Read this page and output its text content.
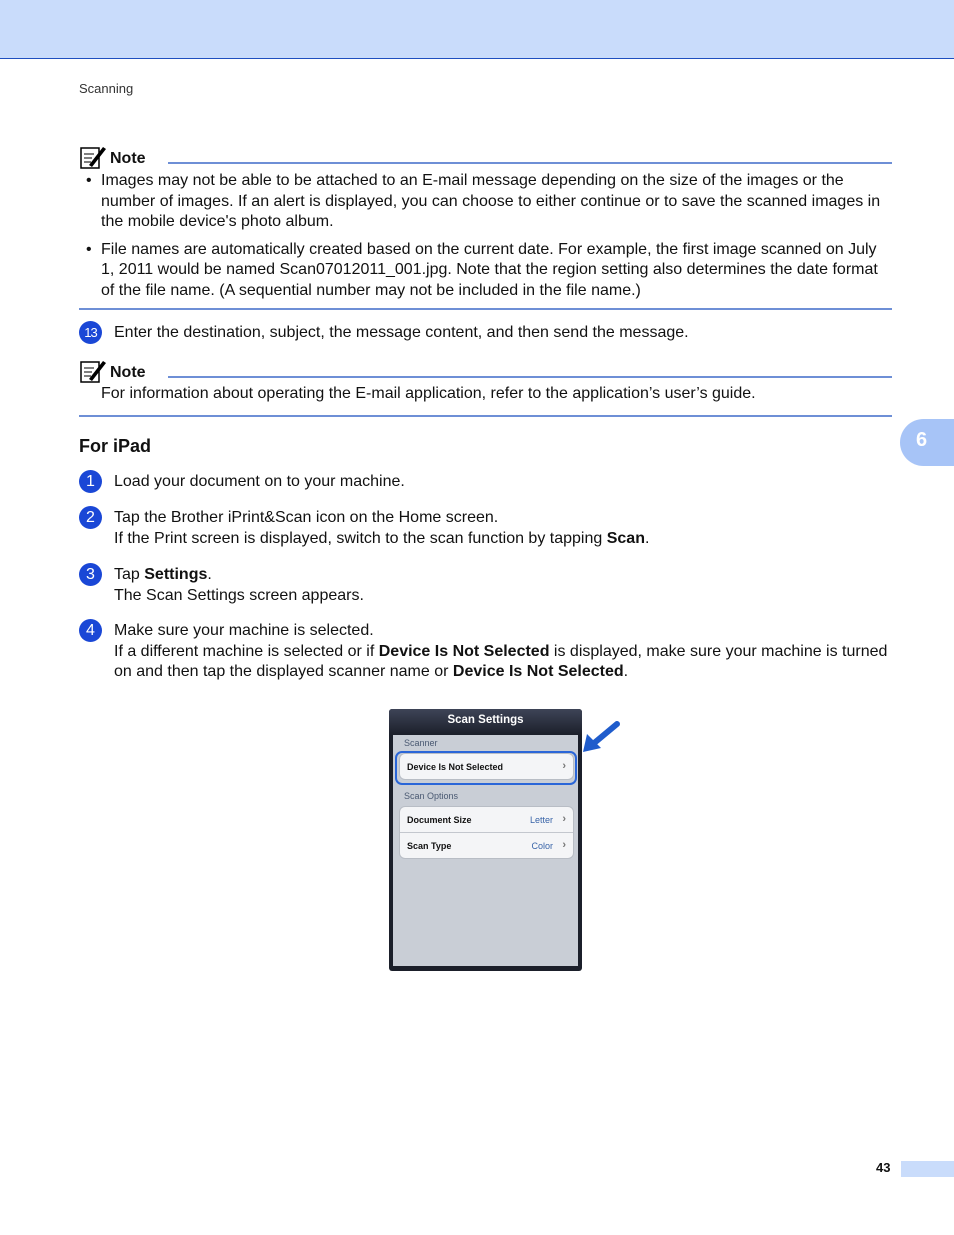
Scanning
Note
• Images may not be able to be attached to an E-mail message depending on the size of the images or the number of images. If an alert is displayed, you can choose to either continue or to save the scanned images in the mobile device's photo album.
• File names are automatically created based on the current date. For example, the first image scanned on July 1, 2011 would be named Scan07012011_001.jpg. Note that the region setting also determines the date format of the file name. (A sequential number may not be included in the file name.)
13	Enter the destination, subject, the message content, and then send the message.
Note
For information about operating the E-mail application, refer to the application’s user’s guide.
For iPad	6
1	Load your document on to your machine.
2	Tap the Brother iPrint&Scan icon on the Home screen.
If the Print screen is displayed, switch to the scan function by tapping Scan.
3	Tap Settings.
The Scan Settings screen appears.
4	Make sure your machine is selected.
If a different machine is selected or if Device Is Not Selected is displayed, make sure your machine is turned on and then tap the displayed scanner name or Device Is Not Selected.
Scan Settings
Scanner
Device Is Not Selected	›
Scan Options
Document Size	Letter ›
Scan Type	Color ›
43
